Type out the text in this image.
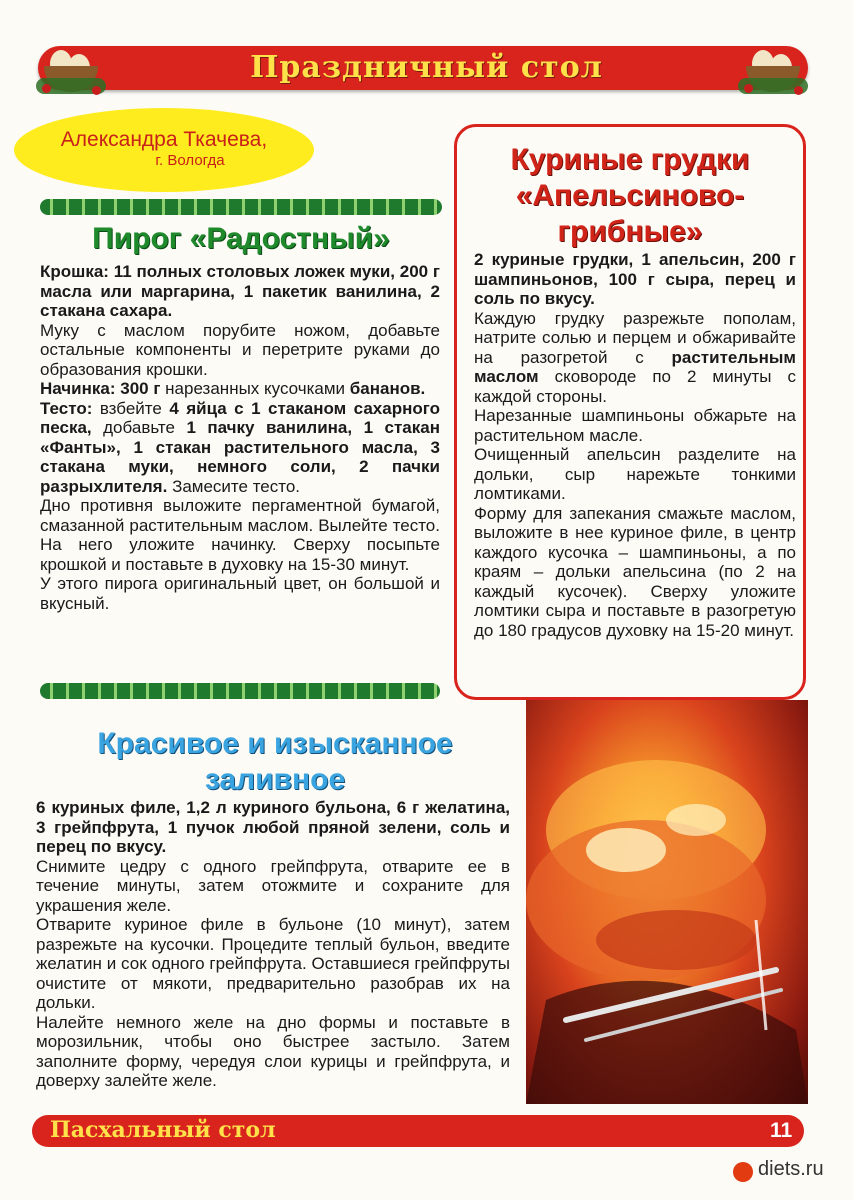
Праздничный стол
Александра Ткачева,
г. Вологда
Пирог «Радостный»

Крошка: 11 полных столовых ложек муки, 200 г масла или маргарина, 1 пакетик ванилина, 2 стакана сахара.

Муку с маслом порубите ножом, добавьте остальные компоненты и перетрите руками до образования крошки.

Начинка: 300 г нарезанных кусочками бананов.

Тесто: взбейте 4 яйца с 1 стаканом сахарного песка, добавьте 1 пачку ванилина, 1 стакан «Фанты», 1 стакан растительного масла, 3 стакана муки, немного соли, 2 пачки разрыхлителя. Замесите тесто.

Дно противня выложите пергаментной бумагой, смазанной растительным маслом. Вылейте тесто. На него уложите начинку. Сверху посыпьте крошкой и поставьте в духовку на 15-30 минут.

У этого пирога оригинальный цвет, он большой и вкусный.

Куриные грудки
«Апельсиново-
грибные»

2 куриные грудки, 1 апельсин, 200 г шампиньонов, 100 г сыра, перец и соль по вкусу.

Каждую грудку разрежьте пополам, натрите солью и перцем и обжаривайте на разогретой с растительным маслом сковороде по 2 минуты с каждой стороны.

Нарезанные шампиньоны обжарьте на растительном масле.

Очищенный апельсин разделите на дольки, сыр нарежьте тонкими ломтиками.

Форму для запекания смажьте маслом, выложите в нее куриное филе, в центр каждого кусочка – шампиньоны, а по краям – дольки апельсина (по 2 на каждый кусочек). Сверху уложите ломтики сыра и поставьте в разогретую до 180 градусов духовку на 15-20 минут.

Красивое и изысканное
заливное

6 куриных филе, 1,2 л куриного бульона, 6 г желатина, 3 грейпфрута, 1 пучок любой пряной зелени, соль и перец по вкусу.

Снимите цедру с одного грейпфрута, отварите ее в течение минуты, затем отожмите и сохраните для украшения желе.

Отварите куриное филе в бульоне (10 минут), затем разрежьте на кусочки. Процедите теплый бульон, введите желатин и сок одного грейпфрута. Оставшиеся грейпфруты очистите от мякоти, предварительно разобрав их на дольки.

Налейте немного желе на дно формы и поставьте в морозильник, чтобы оно быстрее застыло. Затем заполните форму, чередуя слои курицы и грейпфрута, и доверху залейте желе.

Пасхальный стол	11
diets.ru
